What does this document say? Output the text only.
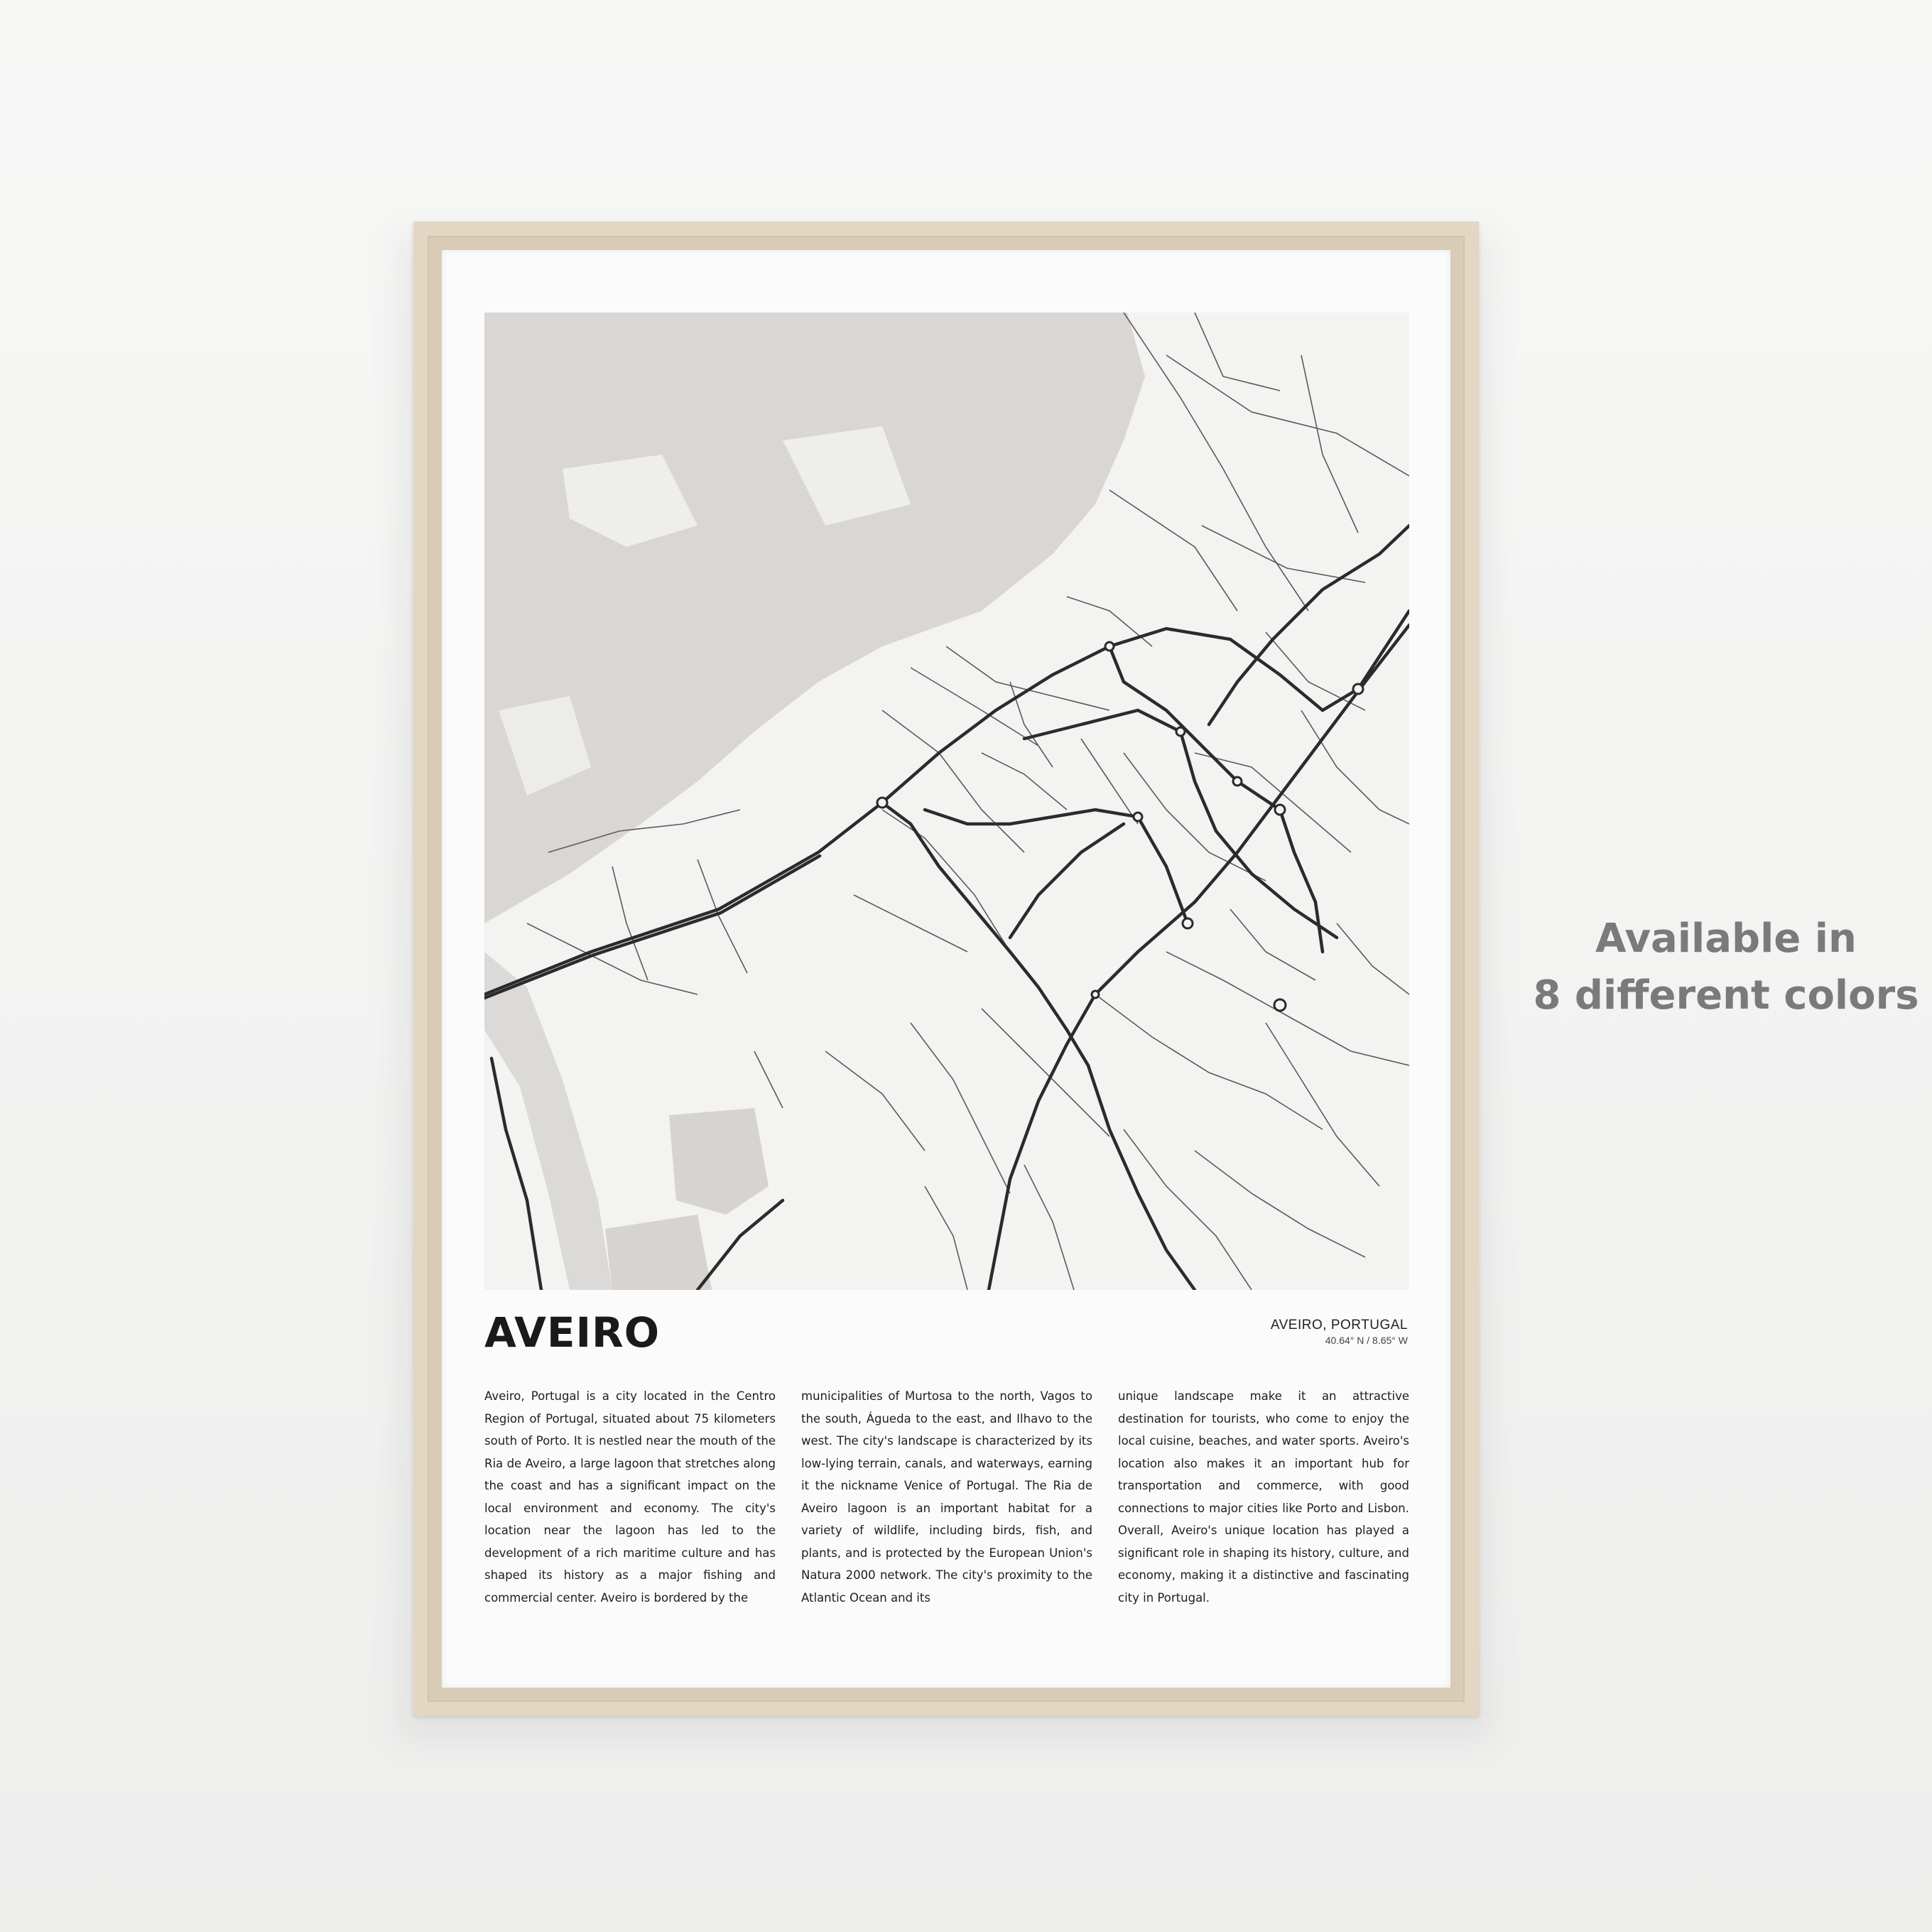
AVEIRO	AVEIRO, PORTUGAL
40.64° N / 8.65° W

Aveiro, Portugal is a city located in the Centro Region of Portugal, situated about 75 kilometers south of Porto. It is nestled near the mouth of the Ria de Aveiro, a large lagoon that stretches along the coast and has a significant impact on the local environment and economy. The city's location near the lagoon has led to the development of a rich maritime culture and has shaped its history as a major fishing and commercial center. Aveiro is bordered by the

municipalities of Murtosa to the north, Vagos to the south, Águeda to the east, and Ilhavo to the west. The city's landscape is characterized by its low-lying terrain, canals, and waterways, earning it the nickname Venice of Portugal. The Ria de Aveiro lagoon is an important habitat for a variety of wildlife, including birds, fish, and plants, and is protected by the European Union's Natura 2000 network. The city's proximity to the Atlantic Ocean and its

unique landscape make it an attractive destination for tourists, who come to enjoy the local cuisine, beaches, and water sports. Aveiro's location also makes it an important hub for transportation and commerce, with good connections to major cities like Porto and Lisbon. Overall, Aveiro's unique location has played a significant role in shaping its history, culture, and economy, making it a distinctive and fascinating city in Portugal.

Available in
8 different colors
